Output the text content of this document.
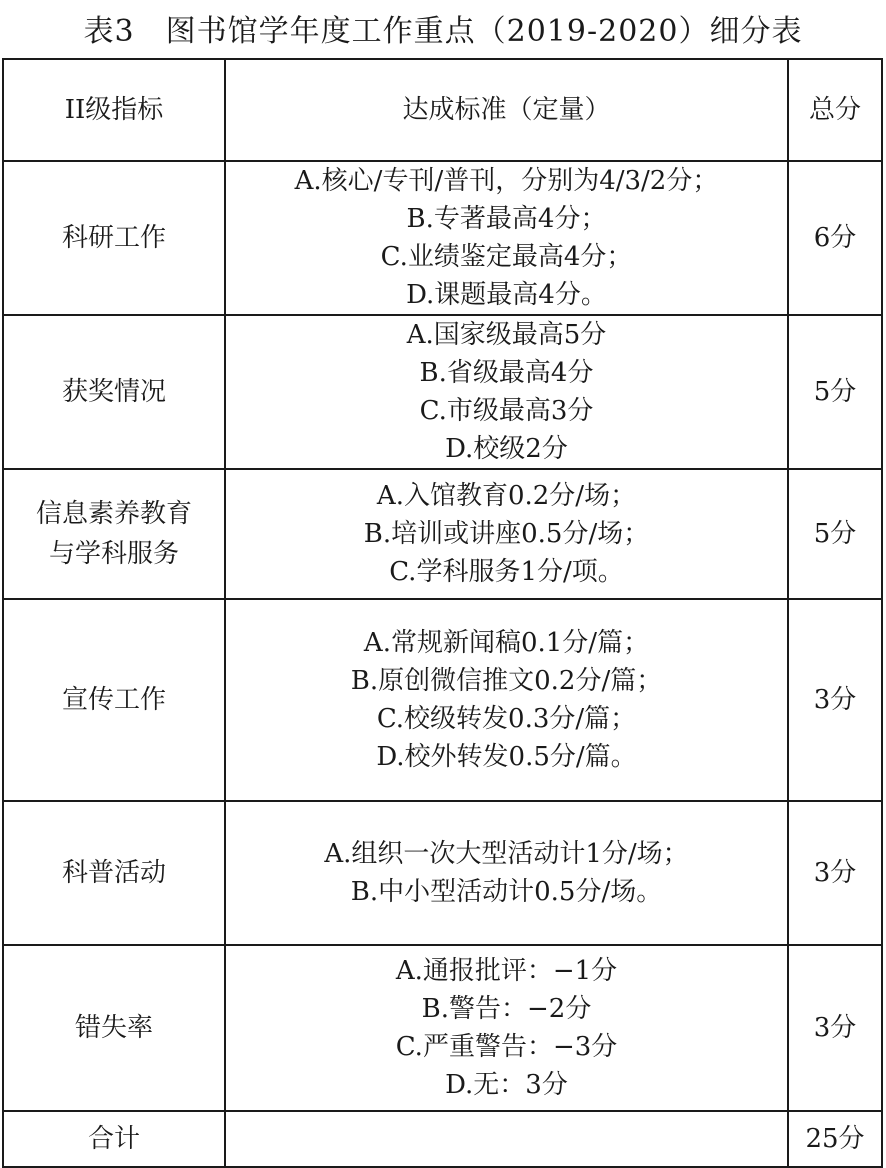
表3　图书馆学年度工作重点（2019-2020）细分表
II级指标	达成标准（定量）	总分

科研工作	A.核心/专刊/普刊，分别为4/3/2分；
B.专著最高4分；
C.业绩鉴定最高4分；
D.课题最高4分。	6分

获奖情况	A.国家级最高5分
B.省级最高4分
C.市级最高3分
D.校级2分	5分

信息素养教育
与学科服务	A.入馆教育0.2分/场；
B.培训或讲座0.5分/场；
C.学科服务1分/项。	5分

宣传工作	A.常规新闻稿0.1分/篇；
B.原创微信推文0.2分/篇；
C.校级转发0.3分/篇；
D.校外转发0.5分/篇。	3分

科普活动	A.组织一次大型活动计1分/场；
B.中小型活动计0.5分/场。	3分

错失率	A.通报批评：−1分
B.警告：−2分
C.严重警告：−3分
D.无：3分	3分
合计		25分
